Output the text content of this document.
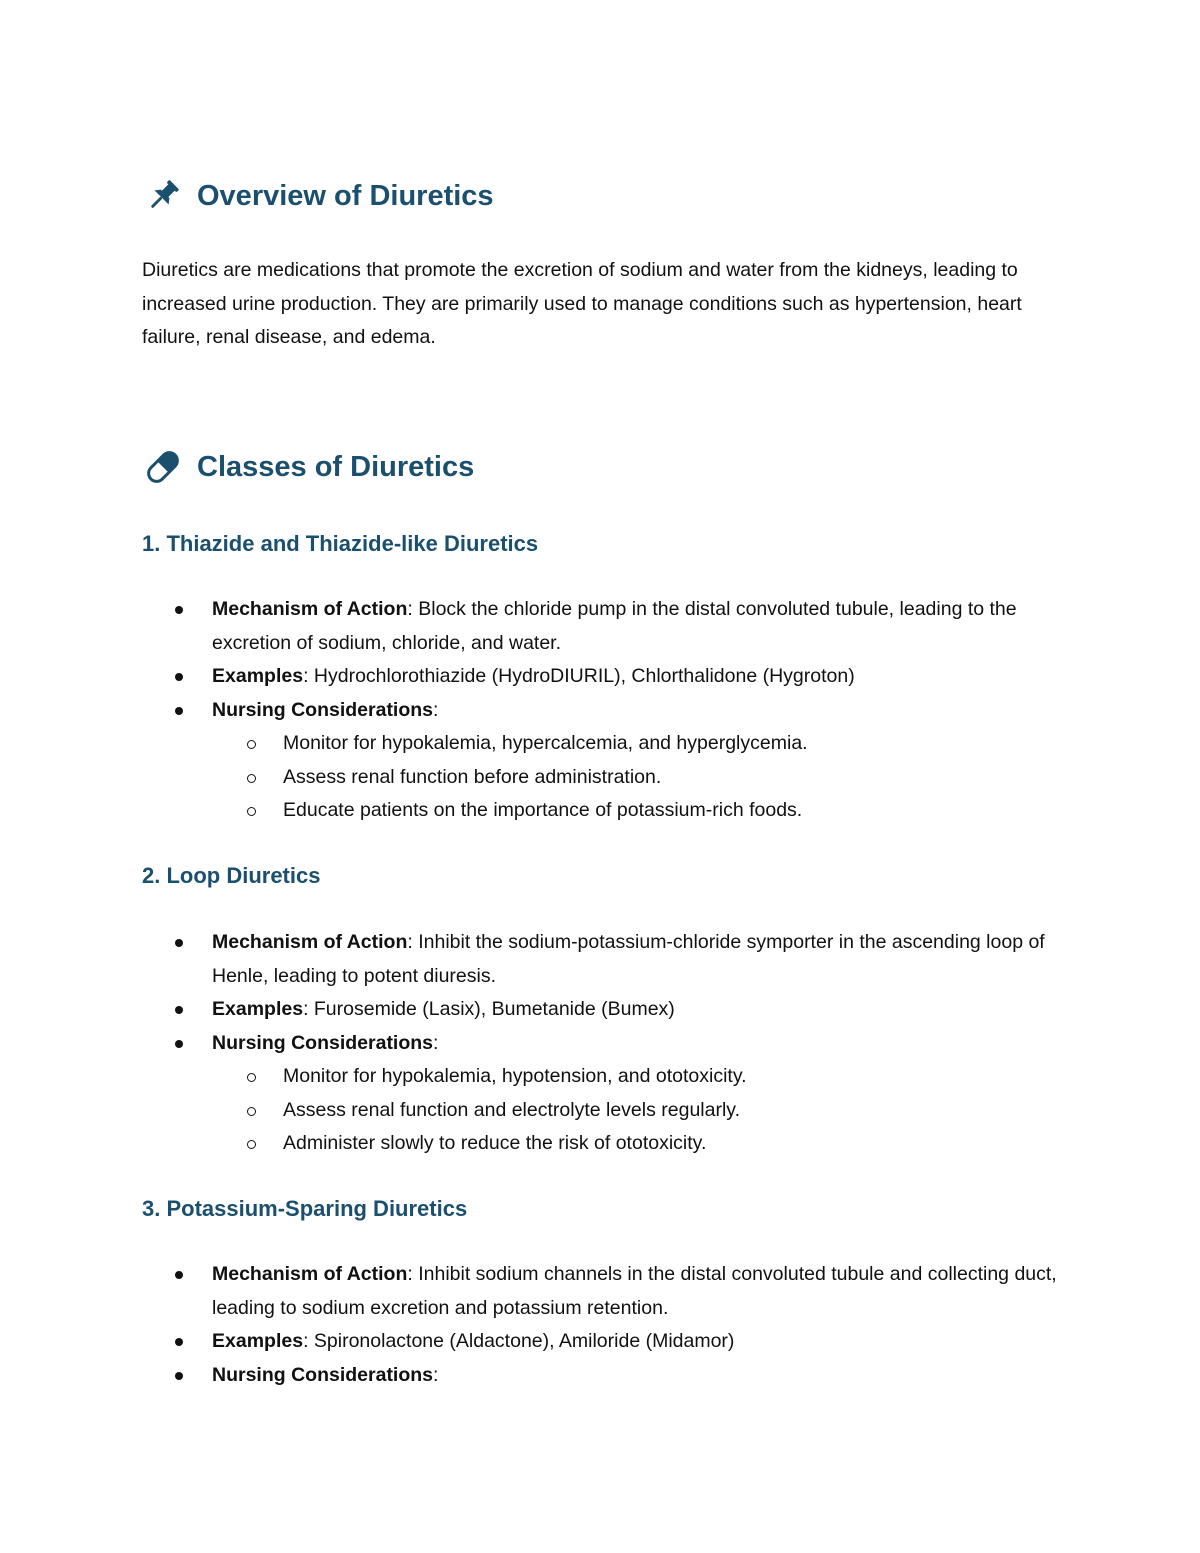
Overview of Diuretics
Diuretics are medications that promote the excretion of sodium and water from the kidneys, leading to increased urine production. They are primarily used to manage conditions such as hypertension, heart failure, renal disease, and edema.
Classes of Diuretics
1. Thiazide and Thiazide-like Diuretics
Mechanism of Action: Block the chloride pump in the distal convoluted tubule, leading to the excretion of sodium, chloride, and water.
Examples: Hydrochlorothiazide (HydroDIURIL), Chlorthalidone (Hygroton)
Nursing Considerations:
Monitor for hypokalemia, hypercalcemia, and hyperglycemia.
Assess renal function before administration.
Educate patients on the importance of potassium-rich foods.
2. Loop Diuretics
Mechanism of Action: Inhibit the sodium-potassium-chloride symporter in the ascending loop of Henle, leading to potent diuresis.
Examples: Furosemide (Lasix), Bumetanide (Bumex)
Nursing Considerations:
Monitor for hypokalemia, hypotension, and ototoxicity.
Assess renal function and electrolyte levels regularly.
Administer slowly to reduce the risk of ototoxicity.
3. Potassium-Sparing Diuretics
Mechanism of Action: Inhibit sodium channels in the distal convoluted tubule and collecting duct, leading to sodium excretion and potassium retention.
Examples: Spironolactone (Aldactone), Amiloride (Midamor)
Nursing Considerations:
